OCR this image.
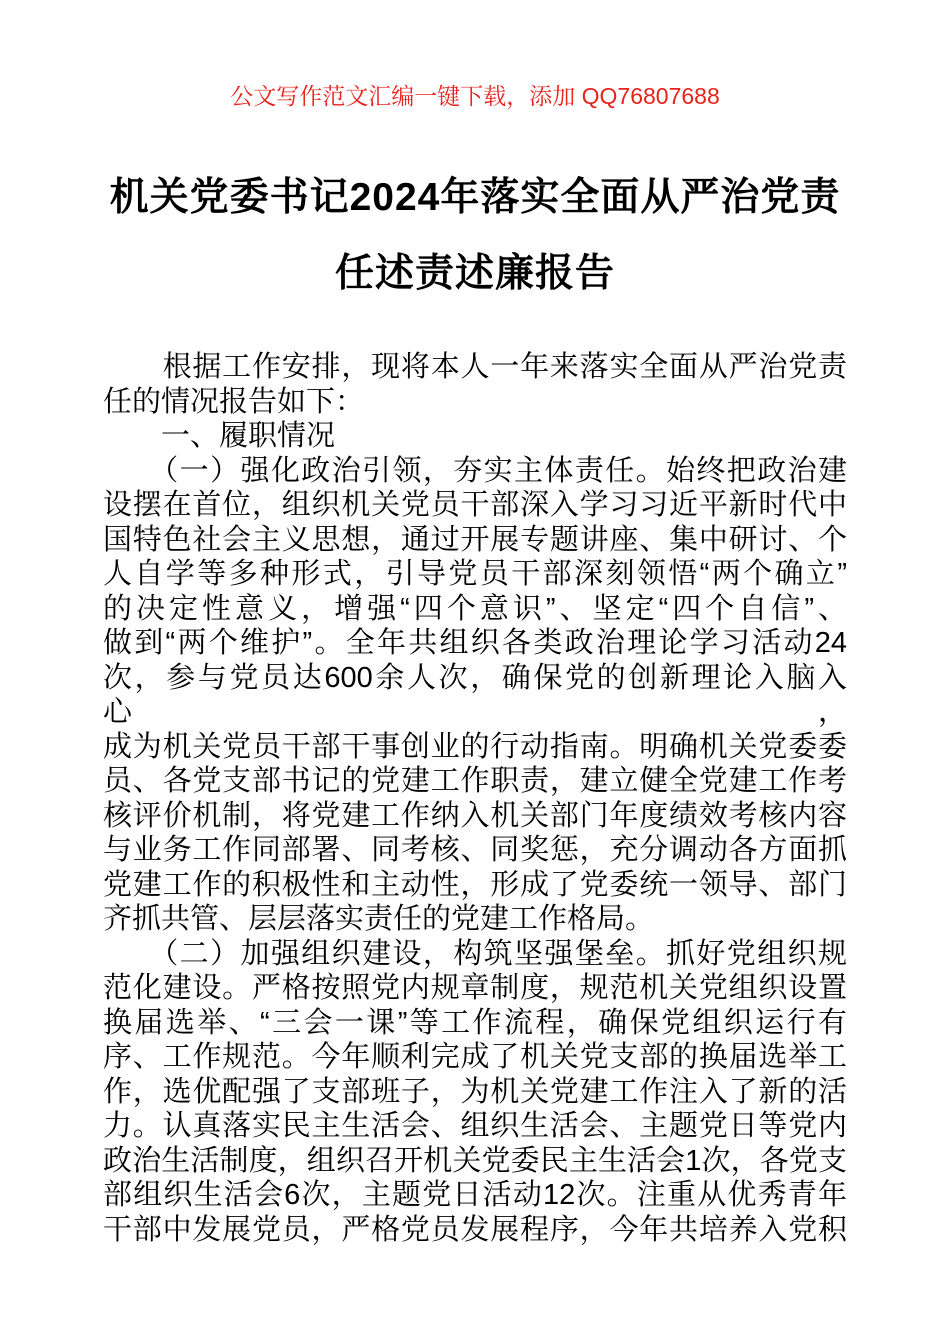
公文写作范文汇编一键下载，添加 QQ76807688
机关党委书记2024年落实全面从严治党责
任述责述廉报告

　　根据工作安排，现将本人一年来落实全面从严治党责
任的情况报告如下：

　　一、履职情况

　　（一）强化政治引领，夯实主体责任。始终把政治建
设摆在首位，组织机关党员干部深入学习习近平新时代中
国特色社会主义思想，通过开展专题讲座、集中研讨、个
人自学等多种形式，引导党员干部深刻领悟“两个确立”
的决定性意义，增强“四个意识”、坚定“四个自信”、
做到“两个维护”。全年共组织各类政治理论学习活动24
次，参与党员达600余人次，确保党的创新理论入脑入心，
成为机关党员干部干事创业的行动指南。明确机关党委委
员、各党支部书记的党建工作职责，建立健全党建工作考
核评价机制，将党建工作纳入机关部门年度绩效考核内容
与业务工作同部署、同考核、同奖惩，充分调动各方面抓
党建工作的积极性和主动性，形成了党委统一领导、部门
齐抓共管、层层落实责任的党建工作格局。

　　（二）加强组织建设，构筑坚强堡垒。抓好党组织规
范化建设。严格按照党内规章制度，规范机关党组织设置
换届选举、“三会一课”等工作流程，确保党组织运行有
序、工作规范。今年顺利完成了机关党支部的换届选举工
作，选优配强了支部班子，为机关党建工作注入了新的活
力。认真落实民主生活会、组织生活会、主题党日等党内
政治生活制度，组织召开机关党委民主生活会1次，各党支
部组织生活会6次，主题党日活动12次。注重从优秀青年
干部中发展党员，严格党员发展程序，今年共培养入党积
